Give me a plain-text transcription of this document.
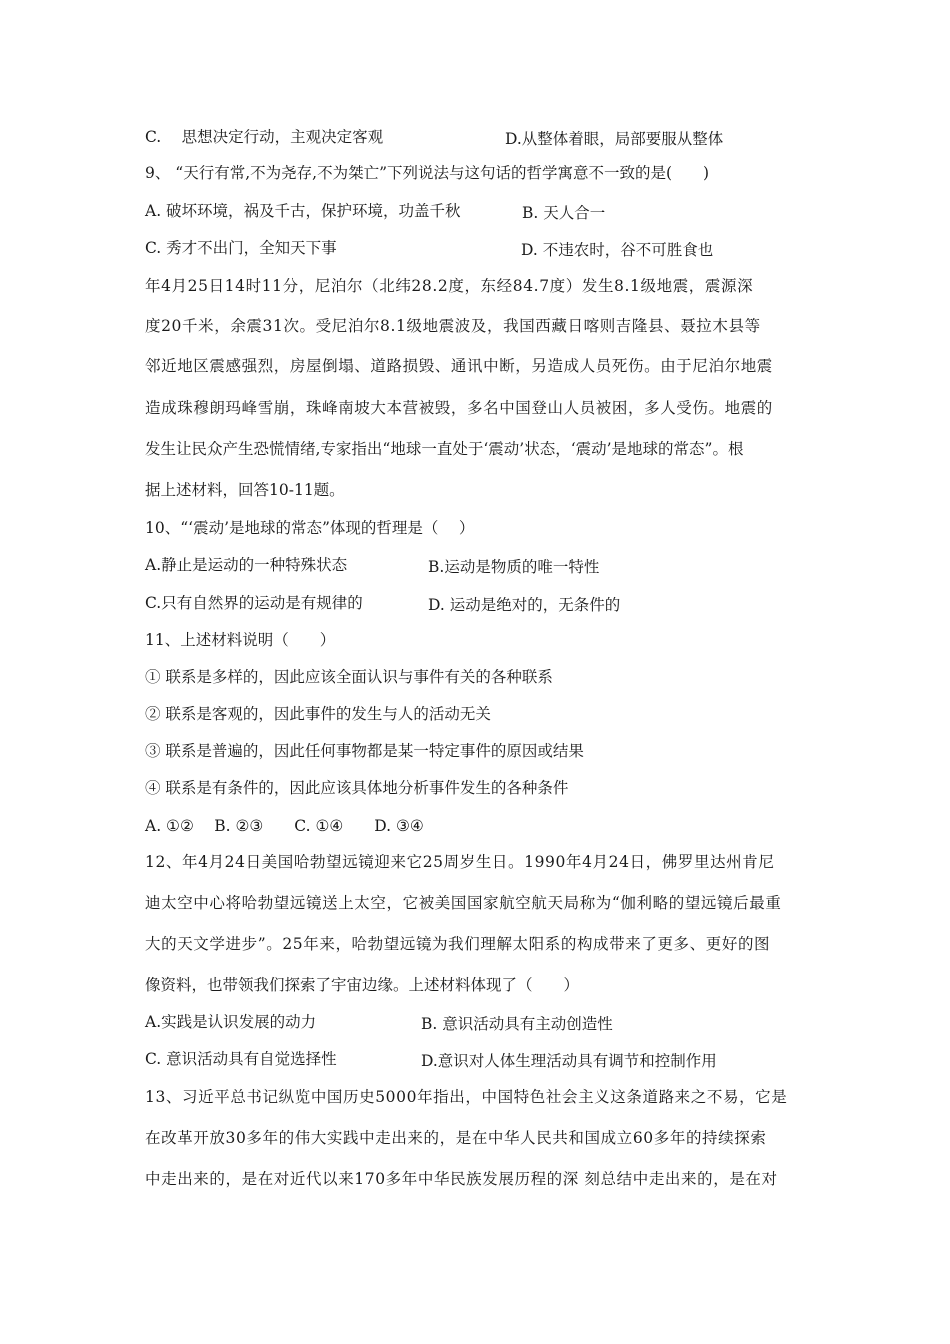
C.　 思想决定行动，主观决定客观	D.从整体着眼，局部要服从整体
9、 “天行有常,不为尧存,不为桀亡”下列说法与这句话的哲学寓意不一致的是(　　)
A. 破坏环境，祸及千古，保护环境，功盖千秋	B. 天人合一
C. 秀才不出门，全知天下事	D. 不违农时，谷不可胜食也
年4月25日14时11分，尼泊尔（北纬28.2度，东经84.7度）发生8.1级地震，震源深
度20千米，余震31次。受尼泊尔8.1级地震波及，我国西藏日喀则吉隆县、聂拉木县等
邻近地区震感强烈，房屋倒塌、道路损毁、通讯中断，另造成人员死伤。由于尼泊尔地震
造成珠穆朗玛峰雪崩，珠峰南坡大本营被毁，多名中国登山人员被困，多人受伤。地震的
发生让民众产生恐慌情绪,专家指出“地球一直处于‘震动’状态，‘震动’是地球的常态”。根
据上述材料，回答10-11题。
10、“‘震动’是地球的常态”体现的哲理是（　 ）
A.静止是运动的一种特殊状态	B.运动是物质的唯一特性
C.只有自然界的运动是有规律的	D. 运动是绝对的，无条件的
11、上述材料说明（　　）
① 联系是多样的，因此应该全面认识与事件有关的各种联系
② 联系是客观的，因此事件的发生与人的活动无关
③ 联系是普遍的，因此任何事物都是某一特定事件的原因或结果
④ 联系是有条件的，因此应该具体地分析事件发生的各种条件
A. ①②　 B. ②③　　C. ①④　　D. ③④
12、年4月24日美国哈勃望远镜迎来它25周岁生日。1990年4月24日，佛罗里达州肯尼
迪太空中心将哈勃望远镜送上太空，它被美国国家航空航天局称为“伽利略的望远镜后最重
大的天文学进步”。25年来，哈勃望远镜为我们理解太阳系的构成带来了更多、更好的图
像资料，也带领我们探索了宇宙边缘。上述材料体现了（　　）
A.实践是认识发展的动力	B. 意识活动具有主动创造性
C. 意识活动具有自觉选择性	D.意识对人体生理活动具有调节和控制作用
13、习近平总书记纵览中国历史5000年指出，中国特色社会主义这条道路来之不易，它是
在改革开放30多年的伟大实践中走出来的，是在中华人民共和国成立60多年的持续探索
中走出来的，是在对近代以来170多年中华民族发展历程的深 刻总结中走出来的，是在对
